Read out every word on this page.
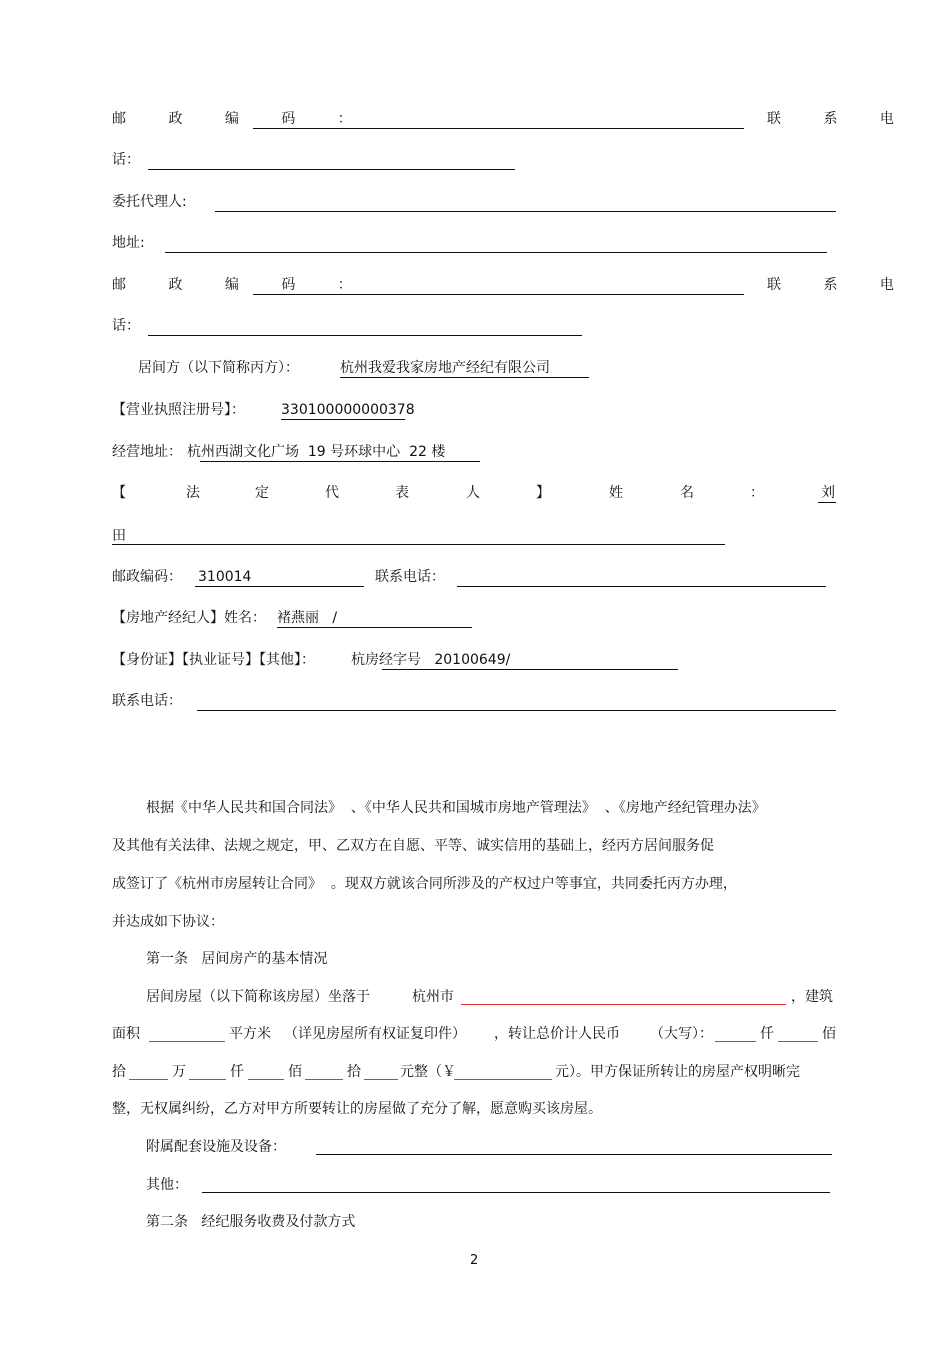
邮 政 编 码 ：	联 系 电
话：
委托代理人:
地址:
邮 政 编 码 ：	联 系 电
话：
居间方（以下简称丙方）：	杭州我爱我家房地产经纪有限公司
【营业执照注册号】：	330100000000378
经营地址： 杭州西湖文化广场  19 号环球中心  22 楼
【	法	定	代	表	人	】	姓	名	：	刘
田
邮政编码： 310014	联系电话：
【房地产经纪人】姓名： 褚燕丽   /
【身份证】【执业证号】【其他】：	杭房经字号   20100649/
联系电话：
根据《中华人民共和国合同法》  、《中华人民共和国城市房地产管理法》  、《房地产经纪管理办法》
及其他有关法律、法规之规定，甲、乙双方在自愿、平等、诚实信用的基础上，经丙方居间服务促
成签订了《杭州市房屋转让合同》  。现双方就该合同所涉及的产权过户等事宜，共同委托丙方办理，
并达成如下协议：
第一条   居间房产的基本情况
居间房屋（以下简称该房屋）坐落于	杭州市	，建筑
面积	平方米 （详见房屋所有权证复印件） ，转让总价计人民币 （大写）：	仟	佰
拾	万	仟	佰	拾	元整（￥	元）。甲方保证所转让的房屋产权明晰完
整，无权属纠纷，乙方对甲方所要转让的房屋做了充分了解，愿意购买该房屋。
附属配套设施及设备：
其他：
第二条   经纪服务收费及付款方式
2
